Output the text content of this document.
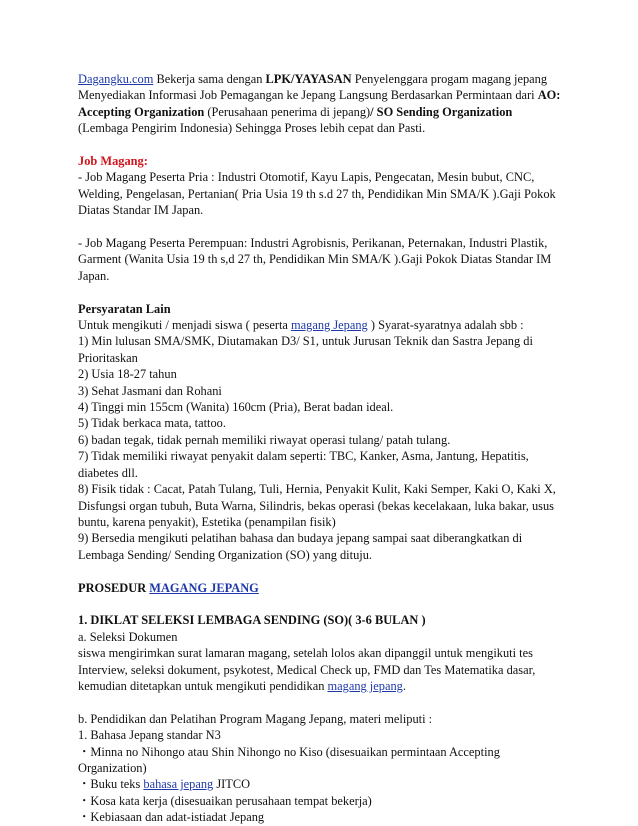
Dagangku.com Bekerja sama dengan LPK/YAYASAN Penyelenggara progam magang jepang Menyediakan Informasi Job Pemagangan ke Jepang Langsung Berdasarkan Permintaan dari AO: Accepting Organization (Perusahaan penerima di jepang)/ SO Sending Organization (Lembaga Pengirim Indonesia) Sehingga Proses lebih cepat dan Pasti.

Job Magang:

- Job Magang Peserta Pria : Industri Otomotif, Kayu Lapis, Pengecatan, Mesin bubut, CNC, Welding, Pengelasan, Pertanian( Pria Usia 19 th s.d 27 th, Pendidikan Min SMA/K ).Gaji Pokok Diatas Standar IM Japan.

- Job Magang Peserta Perempuan: Industri Agrobisnis, Perikanan, Peternakan, Industri Plastik, Garment (Wanita Usia 19 th s,d 27 th, Pendidikan Min SMA/K ).Gaji Pokok Diatas Standar IM Japan.

Persyaratan Lain

Untuk mengikuti / menjadi siswa ( peserta magang Jepang ) Syarat-syaratnya adalah sbb :

1) Min lulusan SMA/SMK, Diutamakan D3/ S1, untuk Jurusan Teknik dan Sastra Jepang di Prioritaskan

2) Usia 18-27 tahun

3) Sehat Jasmani dan Rohani

4) Tinggi min 155cm (Wanita) 160cm (Pria), Berat badan ideal.

5) Tidak berkaca mata, tattoo.

6) badan tegak, tidak pernah memiliki riwayat operasi tulang/ patah tulang.

7) Tidak memiliki riwayat penyakit dalam seperti: TBC, Kanker, Asma, Jantung, Hepatitis, diabetes dll.

8) Fisik tidak : Cacat, Patah Tulang, Tuli, Hernia, Penyakit Kulit, Kaki Semper, Kaki O, Kaki X, Disfungsi organ tubuh, Buta Warna, Silindris, bekas operasi (bekas kecelakaan, luka bakar, usus buntu, karena penyakit), Estetika (penampilan fisik)

9) Bersedia mengikuti pelatihan bahasa dan budaya jepang sampai saat diberangkatkan di Lembaga Sending/ Sending Organization (SO) yang dituju.

PROSEDUR MAGANG JEPANG

1. DIKLAT SELEKSI LEMBAGA SENDING (SO)( 3-6 BULAN )

a. Seleksi Dokumen

siswa mengirimkan surat lamaran magang, setelah lolos akan dipanggil untuk mengikuti tes Interview, seleksi dokument, psykotest, Medical Check up, FMD dan Tes Matematika dasar, kemudian ditetapkan untuk mengikuti pendidikan magang jepang.

b. Pendidikan dan Pelatihan Program Magang Jepang, materi meliputi :

1. Bahasa Jepang standar N3

・Minna no Nihongo atau Shin Nihongo no Kiso (disesuaikan permintaan Accepting Organization)

・Buku teks bahasa jepang JITCO

・Kosa kata kerja (disesuaikan perusahaan tempat bekerja)

・Kebiasaan dan adat-istiadat Jepang
